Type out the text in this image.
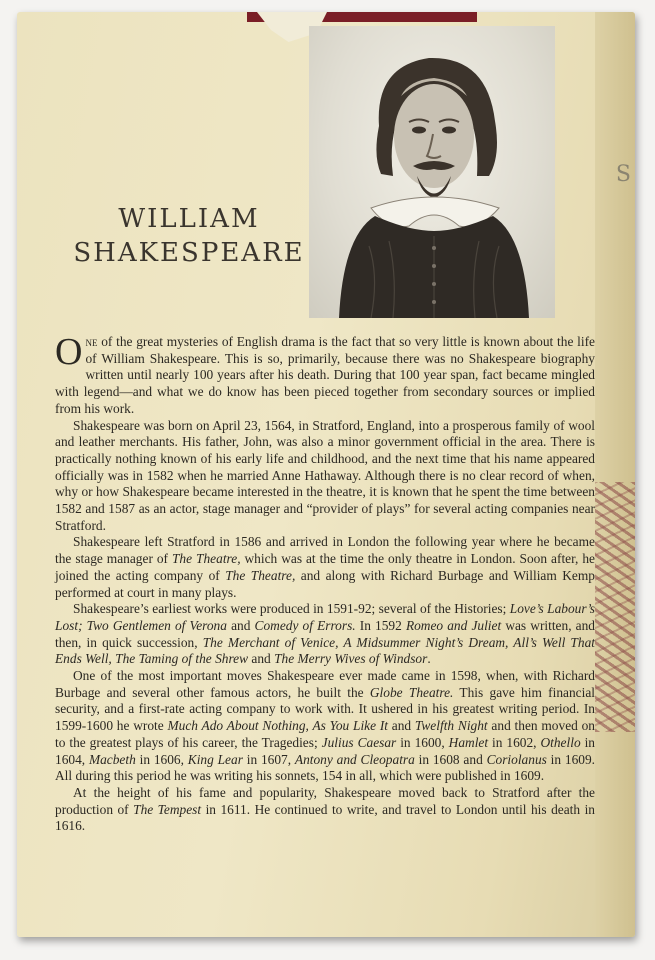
S
WILLIAM
SHAKESPEARE

One of the great mysteries of English drama is the fact that so very little is known about the life of William Shakespeare. This is so, primarily, because there was no Shakespeare biography written until nearly 100 years after his death. During that 100 year span, fact became mingled with legend—and what we do know has been pieced together from secondary sources or implied from his work.

Shakespeare was born on April 23, 1564, in Stratford, England, into a prosperous family of wool and leather merchants. His father, John, was also a minor government official in the area. There is practically nothing known of his early life and childhood, and the next time that his name appeared officially was in 1582 when he married Anne Hathaway. Although there is no clear record of when, why or how Shakespeare became interested in the theatre, it is known that he spent the time between 1582 and 1587 as an actor, stage manager and “provider of plays” for several acting companies near Stratford.

Shakespeare left Stratford in 1586 and arrived in London the following year where he became the stage manager of The Theatre, which was at the time the only theatre in London. Soon after, he joined the acting company of The Theatre, and along with Richard Burbage and William Kemp performed at court in many plays.

Shakespeare’s earliest works were produced in 1591-92; several of the Histories; Love’s Labour’s Lost; Two Gentlemen of Verona and Comedy of Errors. In 1592 Romeo and Juliet was written, and then, in quick succession, The Merchant of Venice, A Midsummer Night’s Dream, All’s Well That Ends Well, The Taming of the Shrew and The Merry Wives of Windsor.

One of the most important moves Shakespeare ever made came in 1598, when, with Richard Burbage and several other famous actors, he built the Globe Theatre. This gave him financial security, and a first-rate acting company to work with. It ushered in his greatest writing period. In 1599-1600 he wrote Much Ado About Nothing, As You Like It and Twelfth Night and then moved on to the greatest plays of his career, the Tragedies; Julius Caesar in 1600, Hamlet in 1602, Othello in 1604, Macbeth in 1606, King Lear in 1607, Antony and Cleopatra in 1608 and Coriolanus in 1609. All during this period he was writing his sonnets, 154 in all, which were published in 1609.

At the height of his fame and popularity, Shakespeare moved back to Stratford after the production of The Tempest in 1611. He continued to write, and travel to London until his death in 1616.
